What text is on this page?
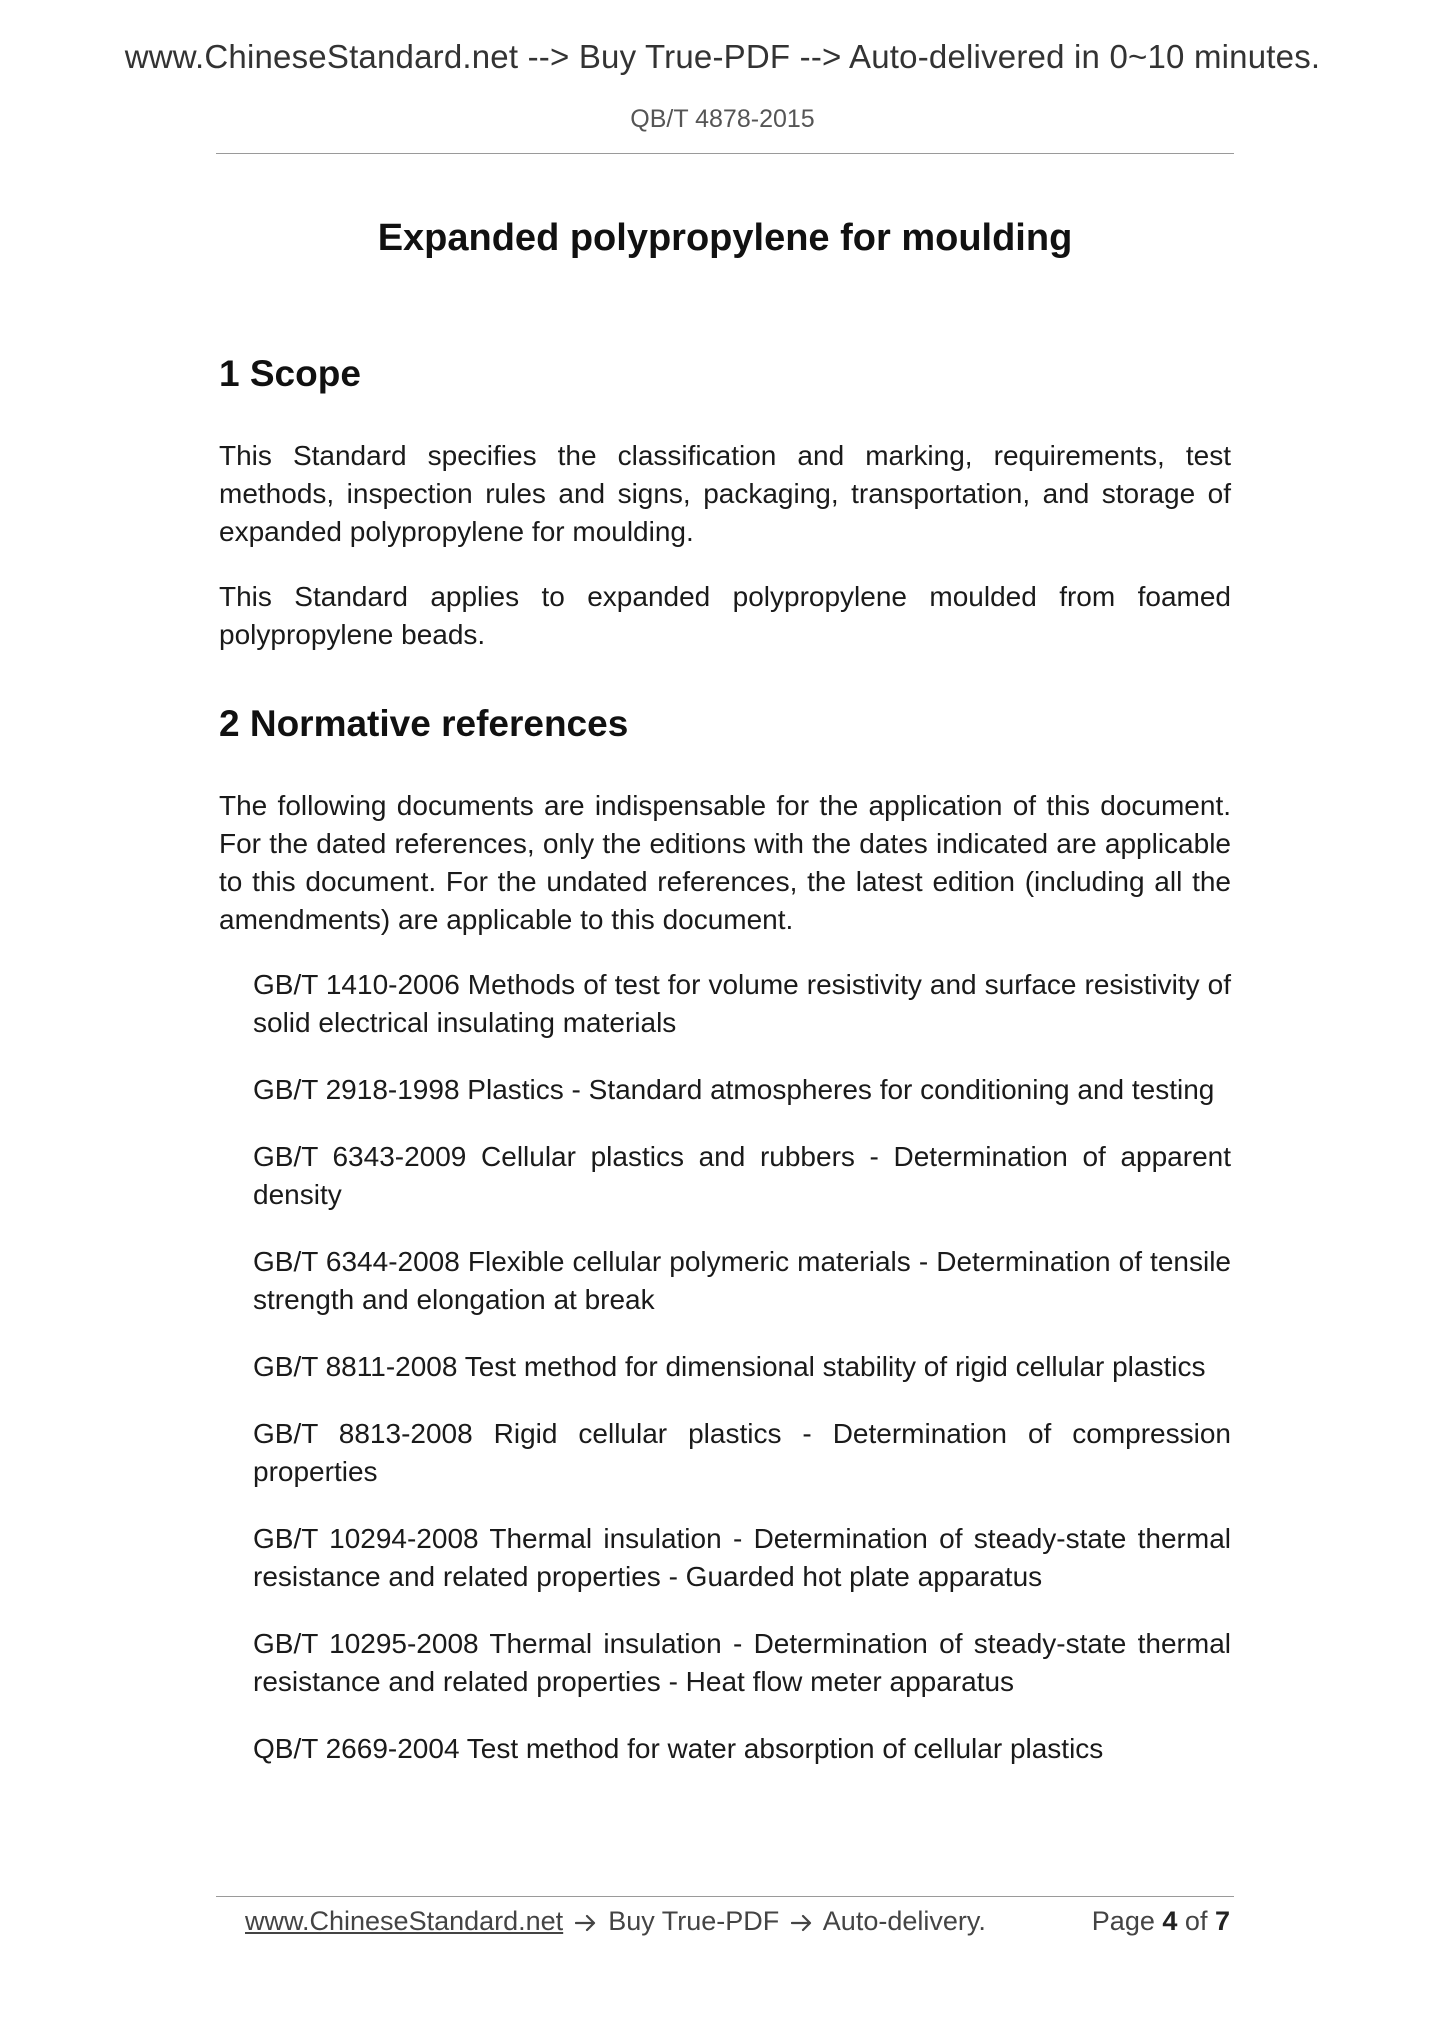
www.ChineseStandard.net --> Buy True-PDF --> Auto-delivered in 0~10 minutes.
QB/T 4878-2015
Expanded polypropylene for moulding
1 Scope

This Standard specifies the classification and marking, requirements, test methods, inspection rules and signs, packaging, transportation, and storage of expanded polypropylene for moulding.

This Standard applies to expanded polypropylene moulded from foamed polypropylene beads.

2 Normative references

The following documents are indispensable for the application of this document. For the dated references, only the editions with the dates indicated are applicable to this document. For the undated references, the latest edition (including all the amendments) are applicable to this document.

GB/T 1410-2006 Methods of test for volume resistivity and surface resistivity of solid electrical insulating materials
GB/T 2918-1998 Plastics - Standard atmospheres for conditioning and testing
GB/T 6343-2009 Cellular plastics and rubbers - Determination of apparent density
GB/T 6344-2008 Flexible cellular polymeric materials - Determination of tensile strength and elongation at break
GB/T 8811-2008 Test method for dimensional stability of rigid cellular plastics
GB/T 8813-2008 Rigid cellular plastics - Determination of compression properties
GB/T 10294-2008 Thermal insulation - Determination of steady-state thermal resistance and related properties - Guarded hot plate apparatus
GB/T 10295-2008 Thermal insulation - Determination of steady-state thermal resistance and related properties - Heat flow meter apparatus
QB/T 2669-2004 Test method for water absorption of cellular plastics
www.ChineseStandard.net Buy True-PDF Auto-delivery.	Page 4 of 7
